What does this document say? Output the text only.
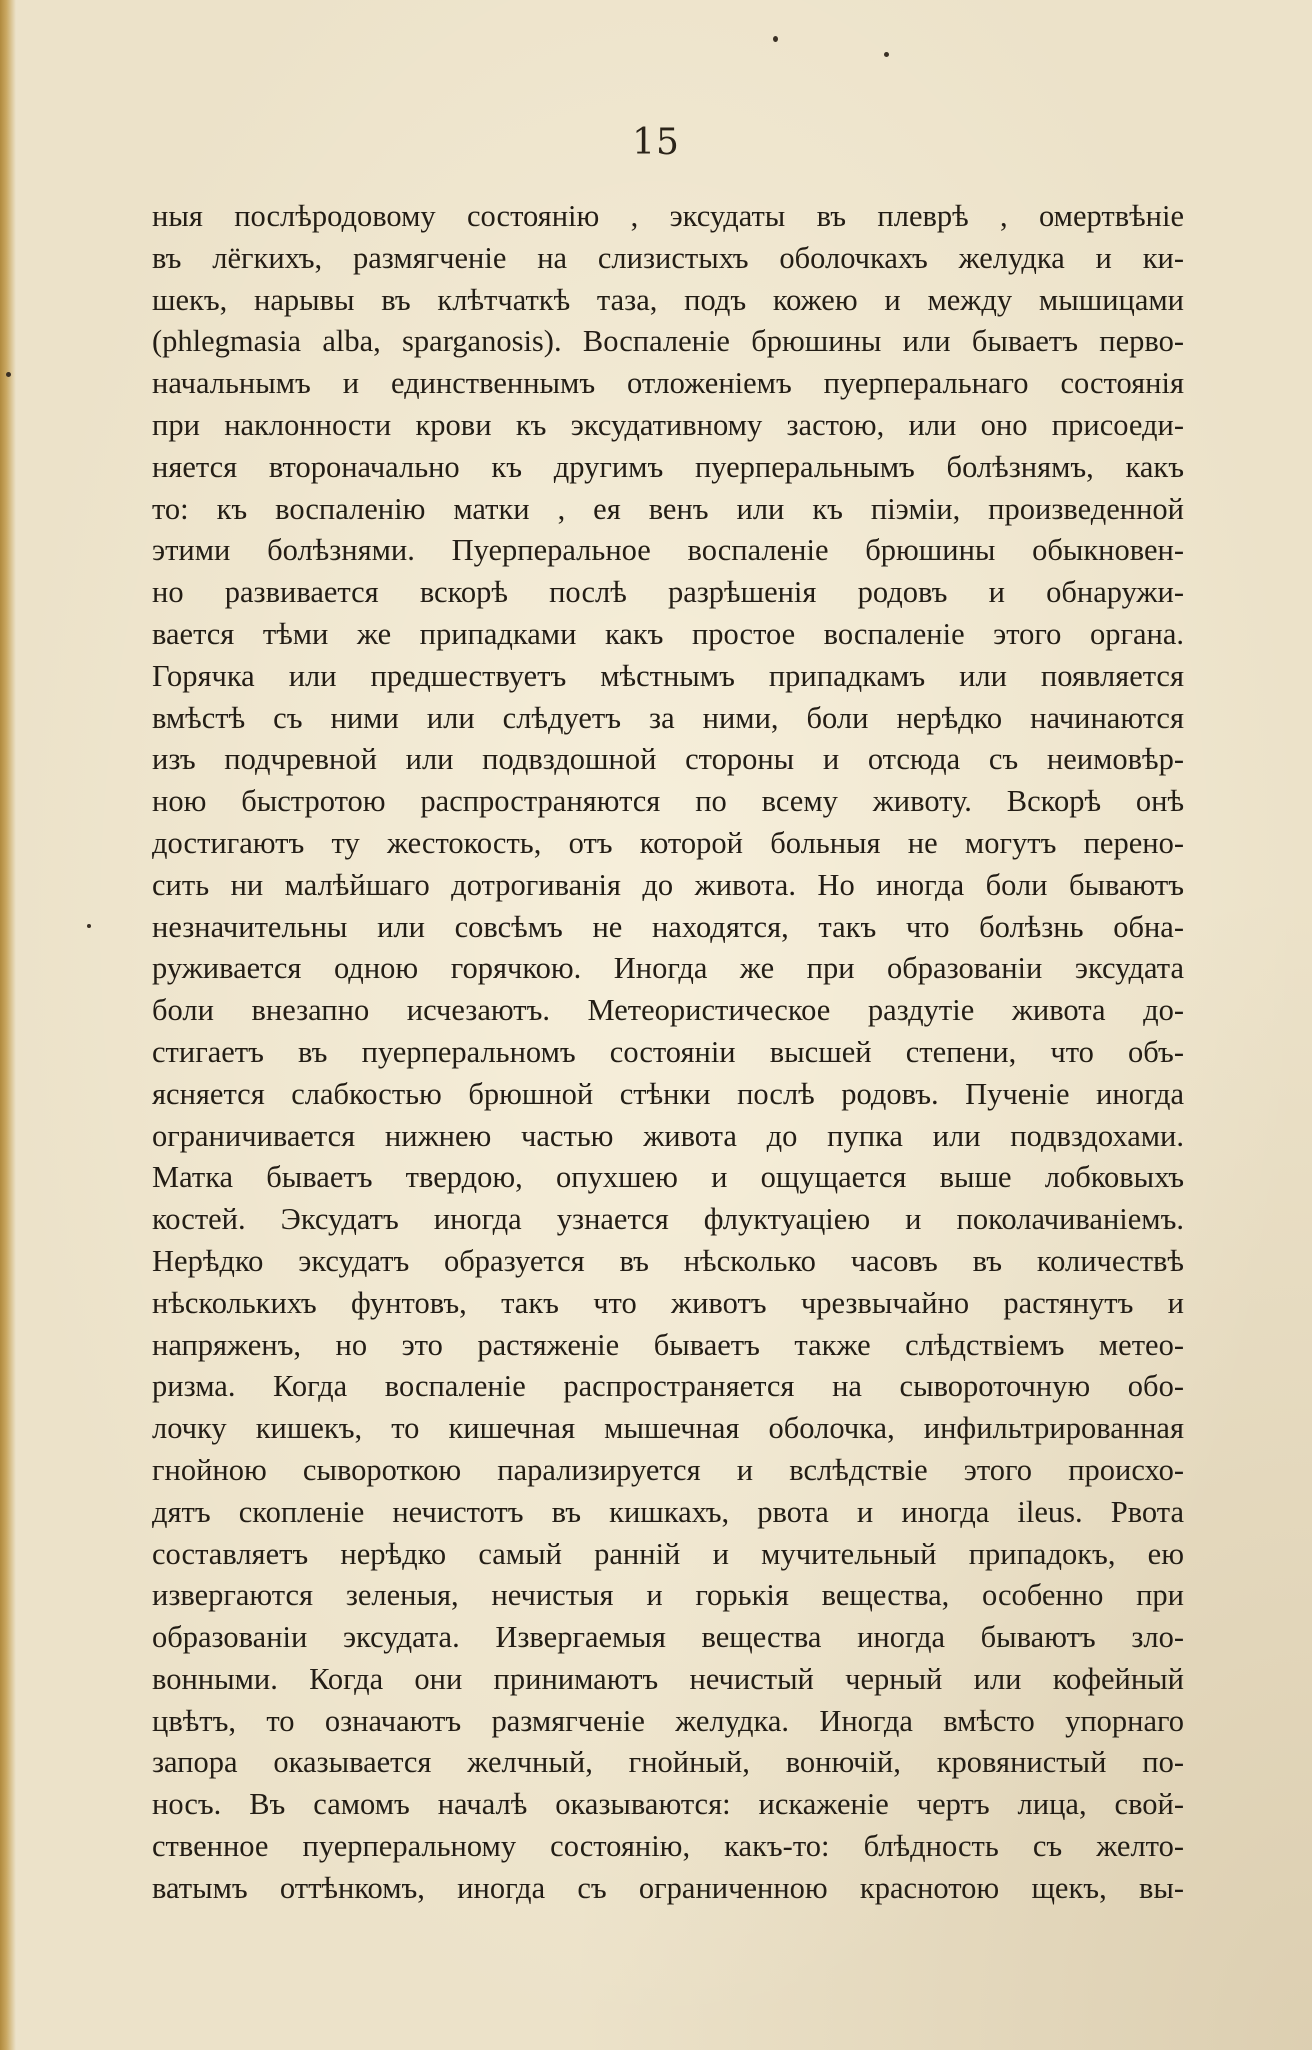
15
ныя послѣродовому состоянію , эксудаты въ плеврѣ , омертвѣніе
въ лёгкихъ, размягченіе на слизистыхъ оболочкахъ желудка и ки-
шекъ, нарывы въ клѣтчаткѣ таза, подъ кожею и между мышицами
(phlegmasia alba, sparganosis). Воспаленіе брюшины или бываетъ перво-
начальнымъ и единственнымъ отложеніемъ пуерперальнаго состоянія
при наклонности крови къ эксудативному застою, или оно присоеди-
няется вторoначально къ другимъ пуерперальнымъ болѣзнямъ, какъ
то: къ воспаленію матки , ея венъ или къ піэміи, произведенной
этими болѣзнями. Пуерперальное воспаленіе брюшины обыкновен-
но развивается вскорѣ послѣ разрѣшенія родовъ и обнаружи-
вается тѣми же припадками какъ простое воспаленіе этого органа.
Горячка или предшествуетъ мѣстнымъ припадкамъ или появляется
вмѣстѣ съ ними или слѣдуетъ за ними, боли нерѣдко начинаются
изъ подчревной или подвздошной стороны и отсюда съ неимовѣр-
ною быстротою распространяются по всему животу. Вскорѣ онѣ
достигаютъ ту жестокость, отъ которой больныя не могутъ перено-
сить ни малѣйшаго дотрогиванія до живота. Но иногда боли бываютъ
незначительны или совсѣмъ не находятся, такъ что болѣзнь обна-
руживается одною горячкою. Иногда же при образованіи эксудата
боли внезапно исчезаютъ. Метеористическое раздутіе живота до-
стигаетъ въ пуерперальномъ состояніи высшей степени, что объ-
ясняется слабкостью брюшной стѣнки послѣ родовъ. Пученіе иногда
ограничивается нижнею частью живота до пупка или подвздохами.
Матка бываетъ твердою, опухшею и ощущается выше лобковыхъ
костей. Эксудатъ иногда узнается флуктуаціею и поколачиваніемъ.
Нерѣдко эксудатъ образуется въ нѣсколько часовъ въ количествѣ
нѣсколькихъ фунтовъ, такъ что животъ чрезвычайно растянутъ и
напряженъ, но это растяженіе бываетъ также слѣдствіемъ метео-
ризма. Когда воспаленіе распространяется на сывороточную обо-
лочку кишекъ, то кишечная мышечная оболочка, инфильтрированная
гнойною сывороткою парализируется и вслѣдствіе этого происхо-
дятъ скопленіе нечистотъ въ кишкахъ, рвота и иногда ileus. Рвота
составляетъ нерѣдко самый ранній и мучительный припадокъ, ею
извергаются зеленыя, нечистыя и горькія вещества, особенно при
образованіи эксудата. Извергаемыя вещества иногда бываютъ зло-
вонными. Когда они принимаютъ нечистый черный или кофейный
цвѣтъ, то означаютъ размягченіе желудка. Иногда вмѣсто упорнаго
запора оказывается желчный, гнойный, вонючій, кровянистый по-
носъ. Въ самомъ началѣ оказываются: искаженіе чертъ лица, свой-
ственное пуерперальному состоянію, какъ-то: блѣдность съ желто-
ватымъ оттѣнкомъ, иногда съ ограниченною краснотою щекъ, вы-
